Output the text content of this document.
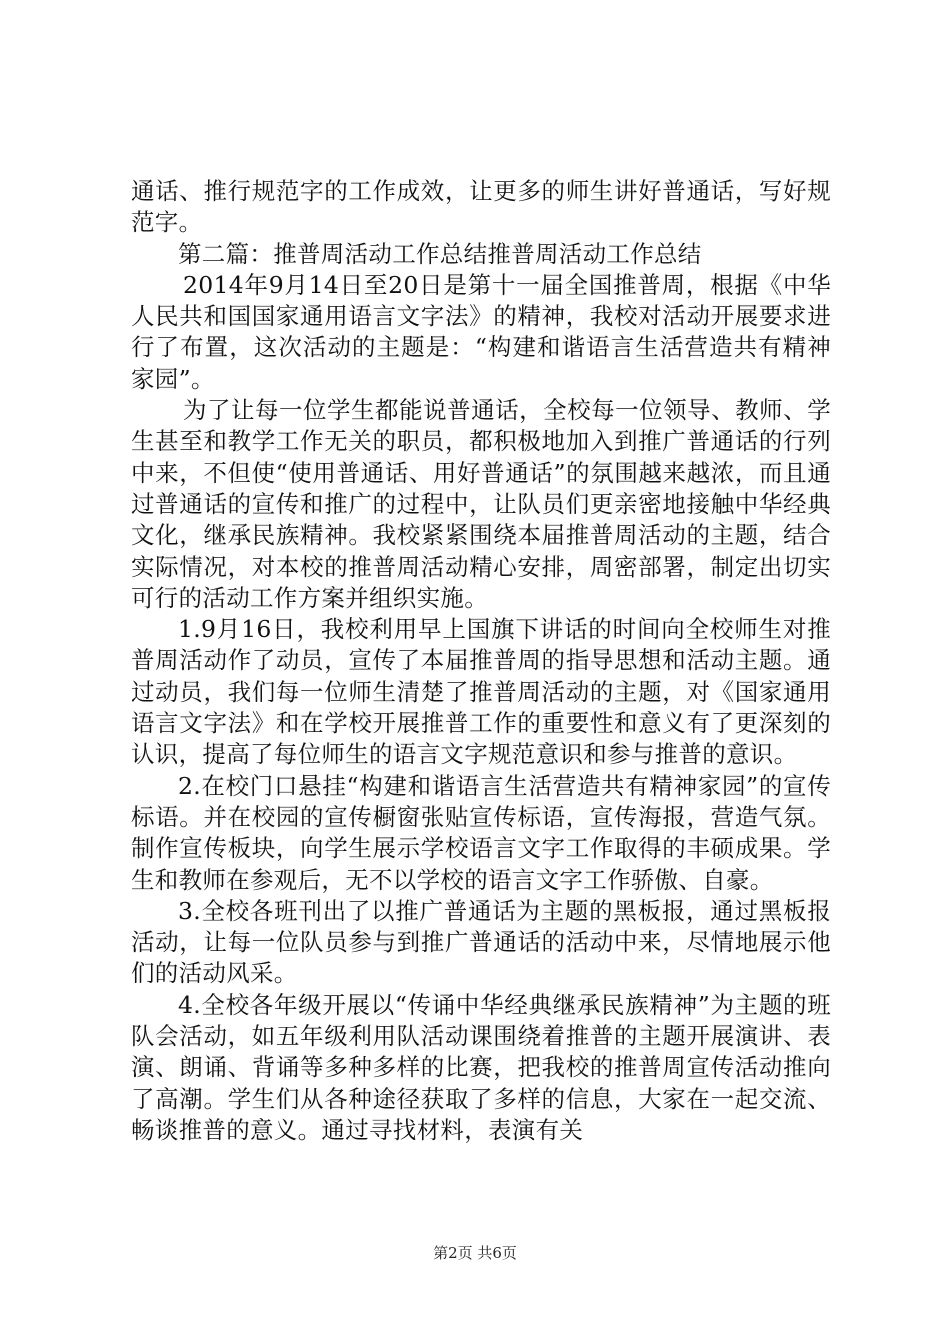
通话、推行规范字的工作成效，让更多的师生讲好普通话，写好规范字。

第二篇：推普周活动工作总结推普周活动工作总结

2014年9月14日至20日是第十一届全国推普周，根据《中华人民共和国国家通用语言文字法》的精神，我校对活动开展要求进行了布置，这次活动的主题是：“构建和谐语言生活营造共有精神家园”。

为了让每一位学生都能说普通话，全校每一位领导、教师、学生甚至和教学工作无关的职员，都积极地加入到推广普通话的行列中来，不但使“使用普通话、用好普通话”的氛围越来越浓，而且通过普通话的宣传和推广的过程中，让队员们更亲密地接触中华经典文化，继承民族精神。我校紧紧围绕本届推普周活动的主题，结合实际情况，对本校的推普周活动精心安排，周密部署，制定出切实可行的活动工作方案并组织实施。

1.9月16日，我校利用早上国旗下讲话的时间向全校师生对推普周活动作了动员，宣传了本届推普周的指导思想和活动主题。通过动员，我们每一位师生清楚了推普周活动的主题，对《国家通用语言文字法》和在学校开展推普工作的重要性和意义有了更深刻的认识，提高了每位师生的语言文字规范意识和参与推普的意识。

2.在校门口悬挂“构建和谐语言生活营造共有精神家园”的宣传标语。并在校园的宣传橱窗张贴宣传标语，宣传海报，营造气氛。制作宣传板块，向学生展示学校语言文字工作取得的丰硕成果。学生和教师在参观后，无不以学校的语言文字工作骄傲、自豪。

3.全校各班刊出了以推广普通话为主题的黑板报，通过黑板报活动，让每一位队员参与到推广普通话的活动中来，尽情地展示他们的活动风采。

4.全校各年级开展以“传诵中华经典继承民族精神”为主题的班队会活动，如五年级利用队活动课围绕着推普的主题开展演讲、表演、朗诵、背诵等多种多样的比赛，把我校的推普周宣传活动推向了高潮。学生们从各种途径获取了多样的信息，大家在一起交流、畅谈推普的意义。通过寻找材料，表演有关

第2页 共6页
